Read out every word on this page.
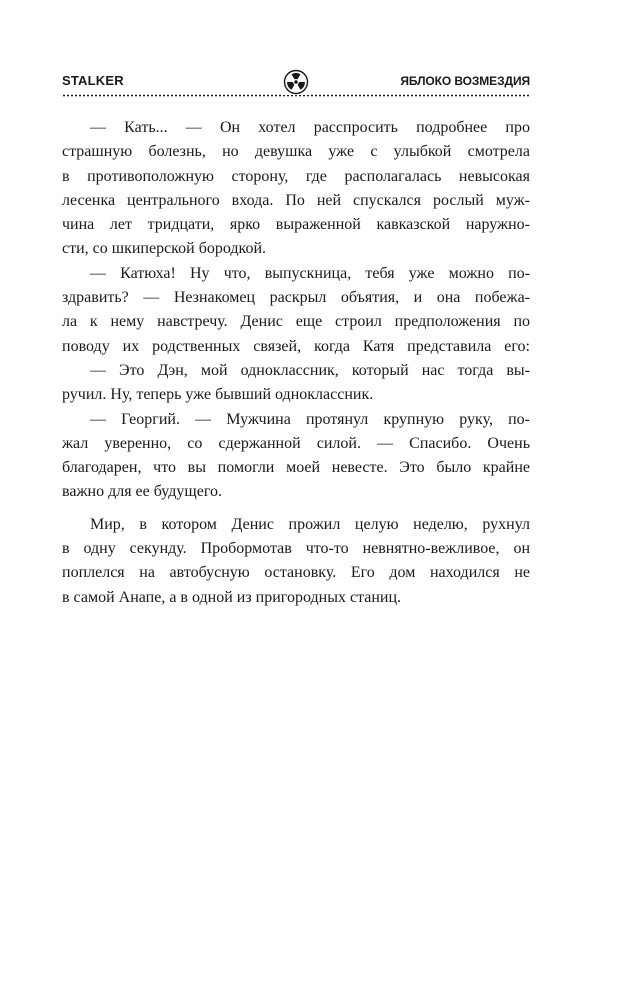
STALKER	ЯБЛОКО ВОЗМЕЗДИЯ
— Кать... — Он хотел расспросить подробнее про
страшную болезнь, но девушка уже с улыбкой смотрела
в противоположную сторону, где располагалась невысокая
лесенка центрального входа. По ней спускался рослый муж-
чина лет тридцати, ярко выраженной кавказской наружно-
сти, со шкиперской бородкой.
— Катюха! Ну что, выпускница, тебя уже можно по-
здравить? — Незнакомец раскрыл объятия, и она побежа-
ла к нему навстречу. Денис еще строил предположения по
поводу их родственных связей, когда Катя представила его:
— Это Дэн, мой одноклассник, который нас тогда вы-
ручил. Ну, теперь уже бывший одноклассник.
— Георгий. — Мужчина протянул крупную руку, по-
жал уверенно, со сдержанной силой. — Спасибо. Очень
благодарен, что вы помогли моей невесте. Это было крайне
важно для ее будущего.
Мир, в котором Денис прожил целую неделю, рухнул
в одну секунду. Пробормотав что-то невнятно-вежливое, он
поплелся на автобусную остановку. Его дом находился не
в самой Анапе, а в одной из пригородных станиц.
